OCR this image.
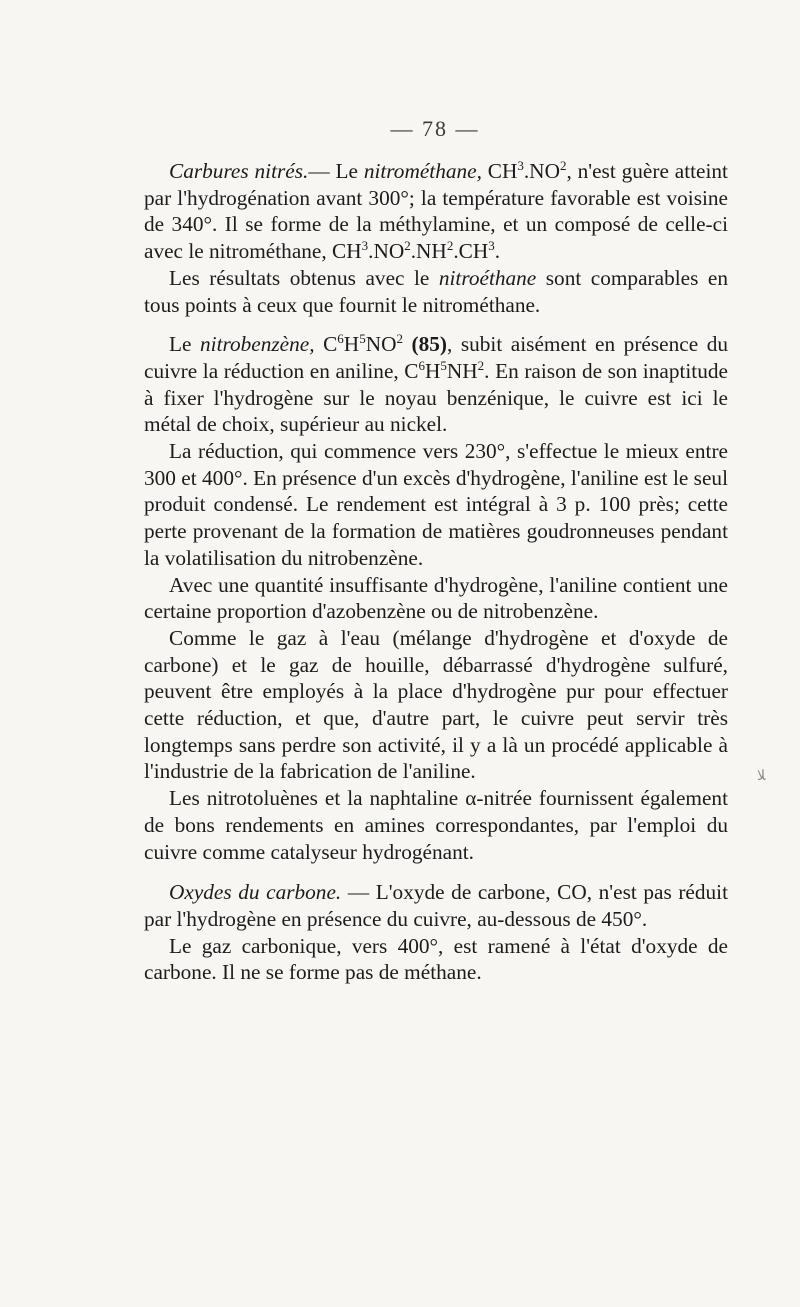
— 78 —
ﻼ

Carbures nitrés.— Le nitrométhane, $CH^3.NO^2$, n'est guère atteint par l'hydrogénation avant 300°; la température favorable est voisine de 340°. Il se forme de la méthylamine, et un composé de celle-ci avec le nitrométhane, $CH^3.NO^2.NH^2.CH^3$.

Les résultats obtenus avec le nitroéthane sont comparables en tous points à ceux que fournit le nitrométhane.

Le nitrobenzène, $C^6H^5NO^2$ (85), subit aisément en présence du cuivre la réduction en aniline, $C^6H^5NH^2$. En raison de son inaptitude à fixer l'hydrogène sur le noyau benzénique, le cuivre est ici le métal de choix, supérieur au nickel.

La réduction, qui commence vers 230°, s'effectue le mieux entre 300 et 400°. En présence d'un excès d'hydrogène, l'aniline est le seul produit condensé. Le rendement est intégral à 3 p. 100 près; cette perte provenant de la formation de matières goudronneuses pendant la volatilisation du nitrobenzène.

Avec une quantité insuffisante d'hydrogène, l'aniline contient une certaine proportion d'azobenzène ou de nitrobenzène.

Comme le gaz à l'eau (mélange d'hydrogène et d'oxyde de carbone) et le gaz de houille, débarrassé d'hydrogène sulfuré, peuvent être employés à la place d'hydrogène pur pour effectuer cette réduction, et que, d'autre part, le cuivre peut servir très longtemps sans perdre son activité, il y a là un procédé applicable à l'industrie de la fabrication de l'aniline.

Les nitrotoluènes et la naphtaline α-nitrée fournissent également de bons rendements en amines correspondantes, par l'emploi du cuivre comme catalyseur hydrogénant.

Oxydes du carbone. — L'oxyde de carbone, CO, n'est pas réduit par l'hydrogène en présence du cuivre, au-dessous de 450°.

Le gaz carbonique, vers 400°, est ramené à l'état d'oxyde de carbone. Il ne se forme pas de méthane.
